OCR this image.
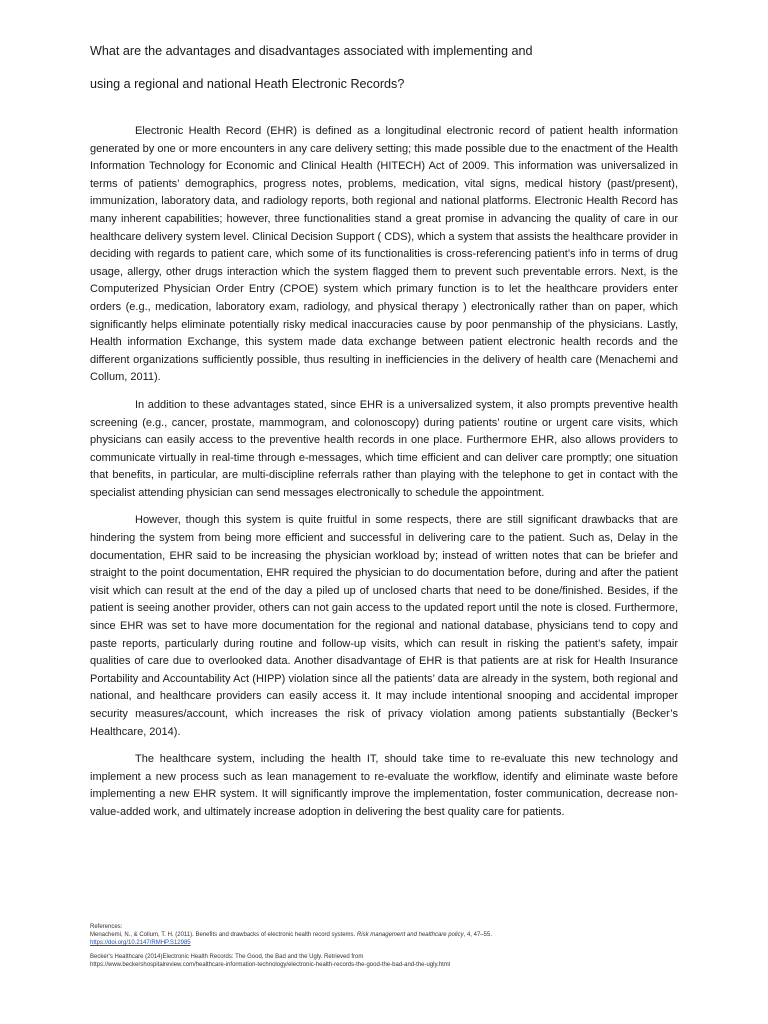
What are the advantages and disadvantages associated with implementing and
using a regional and national Heath Electronic Records?

Electronic Health Record (EHR) is defined as a longitudinal electronic record of patient health information generated by one or more encounters in any care delivery setting; this made possible due to the enactment of the Health Information Technology for Economic and Clinical Health (HITECH) Act of 2009. This information was universalized in terms of patients’ demographics, progress notes, problems, medication, vital signs, medical history (past/present), immunization, laboratory data, and radiology reports, both regional and national platforms. Electronic Health Record has many inherent capabilities; however, three functionalities stand a great promise in advancing the quality of care in our healthcare delivery system level. Clinical Decision Support ( CDS), which a system that assists the healthcare provider in deciding with regards to patient care, which some of its functionalities is cross-referencing patient’s info in terms of drug usage, allergy, other drugs interaction which the system flagged them to prevent such preventable errors. Next, is the Computerized Physician Order Entry (CPOE) system which primary function is to let the healthcare providers enter orders (e.g., medication, laboratory exam, radiology, and physical therapy ) electronically rather than on paper, which significantly helps eliminate potentially risky medical inaccuracies cause by poor penmanship of the physicians. Lastly, Health information Exchange, this system made data exchange between patient electronic health records and the different organizations sufficiently possible, thus resulting in inefficiencies in the delivery of health care (Menachemi and Collum, 2011).

In addition to these advantages stated, since EHR is a universalized system, it also prompts preventive health screening (e.g., cancer, prostate, mammogram, and colonoscopy) during patients’ routine or urgent care visits, which physicians can easily access to the preventive health records in one place. Furthermore EHR, also allows providers to communicate virtually in real-time through e-messages, which time efficient and can deliver care promptly; one situation that benefits, in particular, are multi-discipline referrals rather than playing with the telephone to get in contact with the specialist attending physician can send messages electronically to schedule the appointment.

However, though this system is quite fruitful in some respects, there are still significant drawbacks that are hindering the system from being more efficient and successful in delivering care to the patient. Such as, Delay in the documentation, EHR said to be increasing the physician workload by; instead of written notes that can be briefer and straight to the point documentation, EHR required the physician to do documentation before, during and after the patient visit which can result at the end of the day a piled up of unclosed charts that need to be done/finished. Besides, if the patient is seeing another provider, others can not gain access to the updated report until the note is closed. Furthermore, since EHR was set to have more documentation for the regional and national database, physicians tend to copy and paste reports, particularly during routine and follow-up visits, which can result in risking the patient’s safety, impair qualities of care due to overlooked data. Another disadvantage of EHR is that patients are at risk for Health Insurance Portability and Accountability Act (HIPP) violation since all the patients’ data are already in the system, both regional and national, and healthcare providers can easily access it. It may include intentional snooping and accidental improper security measures/account, which increases the risk of privacy violation among patients substantially (Becker’s Healthcare, 2014).

The healthcare system, including the health IT, should take time to re-evaluate this new technology and implement a new process such as lean management to re-evaluate the workflow, identify and eliminate waste before implementing a new EHR system. It will significantly improve the implementation, foster communication, decrease non-value-added work, and ultimately increase adoption in delivering the best quality care for patients.

References:
Menachemi, N., & Collum, T. H. (2011). Benefits and drawbacks of electronic health record systems. Risk management and healthcare policy, 4, 47–55.
https://doi.org/10.2147/RMHP.S12985
Becker's Healthcare (2014)Electronic Health Records: The Good, the Bad and the Ugly. Retrieved from
https://www.beckershospitalreview.com/healthcare-information-technology/electronic-health-records-the-good-the-bad-and-the-ugly.html
